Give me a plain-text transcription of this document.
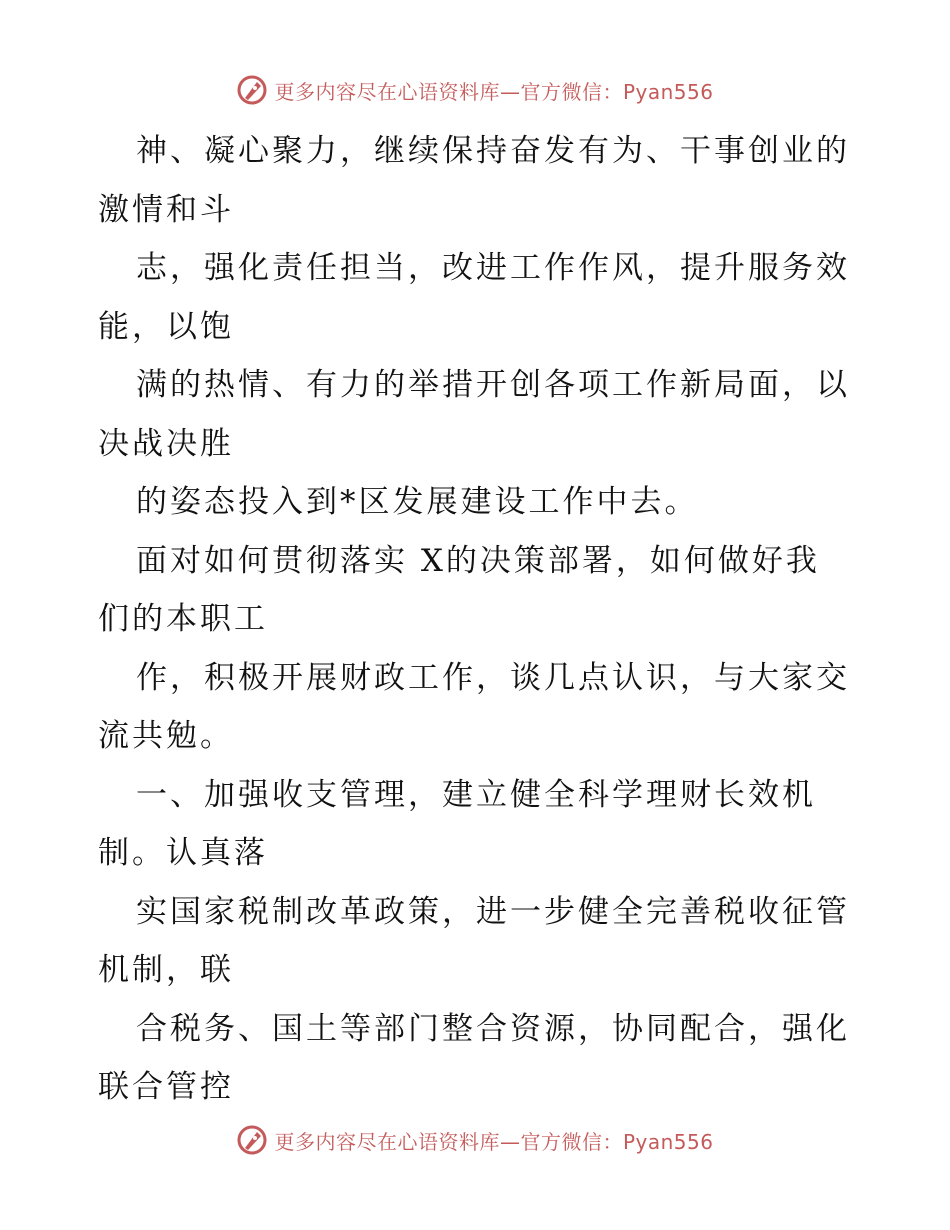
更多内容尽在心语资料库—官方微信：Pyan556
神、凝心聚力，继续保持奋发有为、干事创业的
激情和斗
志，强化责任担当，改进工作作风，提升服务效
能，以饱
满的热情、有力的举措开创各项工作新局面，以
决战决胜
的姿态投入到*区发展建设工作中去。
面对如何贯彻落实 X的决策部署，如何做好我
们的本职工
作，积极开展财政工作，谈几点认识，与大家交
流共勉。
一、加强收支管理，建立健全科学理财长效机
制。认真落
实国家税制改革政策，进一步健全完善税收征管
机制，联
合税务、国土等部门整合资源，协同配合，强化
联合管控
更多内容尽在心语资料库—官方微信：Pyan556
